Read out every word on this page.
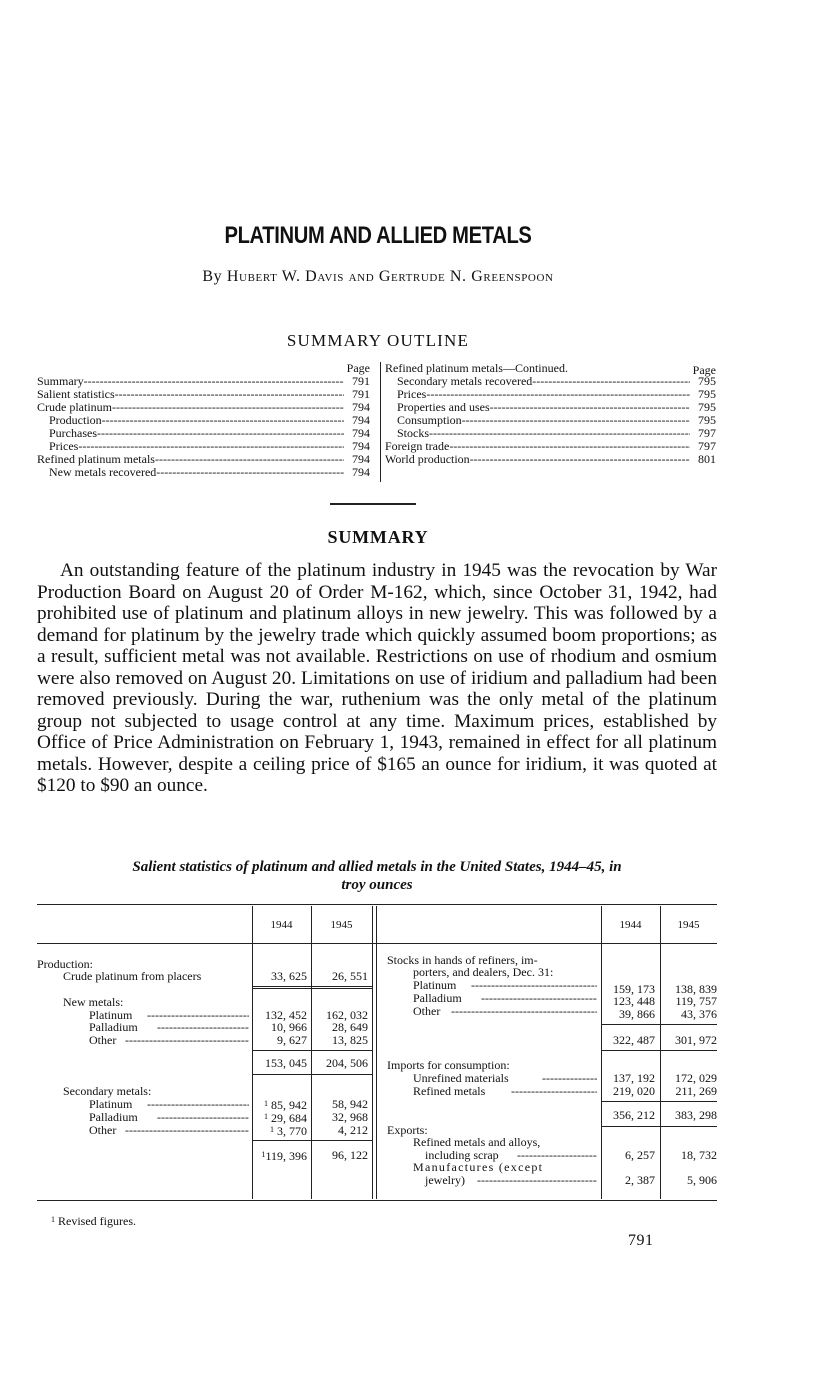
PLATINUM AND ALLIED METALS
By Hubert W. Davis and Gertrude N. Greenspoon
SUMMARY OUTLINE
Page
Summary - - -	791
Salient statistics - - -	791
Crude platinum - - -	794
Production - - -	794
Purchases - - -	794
Prices - - -	794
Refined platinum metals - - -	794
New metals recovered - - -	794
Page
Refined platinum metals—Continued.
Secondary metals recovered - - -	795
Prices - - -	795
Properties and uses - - -	795
Consumption - - -	795
Stocks - - -	797
Foreign trade - - -	797
World production - - -	801
SUMMARY
An outstanding feature of the platinum industry in 1945 was the revocation by War Production Board on August 20 of Order M-162, which, since October 31, 1942, had prohibited use of platinum and platinum alloys in new jewelry. This was followed by a demand for platinum by the jewelry trade which quickly assumed boom proportions; as a result, sufficient metal was not available. Restrictions on use of rhodium and osmium were also removed on August 20. Limitations on use of iridium and palladium had been removed previously. During the war, ruthenium was the only metal of the platinum group not subjected to usage control at any time. Maximum prices, established by Office of Price Administration on February 1, 1943, remained in effect for all platinum metals. However, despite a ceiling price of $165 an ounce for iridium, it was quoted at $120 to $90 an ounce.
Salient statistics of platinum and allied metals in the United States, 1944–45, in
troy ounces
1944	1945	1944	1945
Production:
Crude platinum from placers	33, 625	26, 551
New metals:
Platinum - - -	132, 452	162, 032
Palladium - - -	10, 966	28, 649
Other - - -	9, 627	13, 825
153, 045	204, 506
Secondary metals:
Platinum - - -	$^1$ 85, 942	58, 942
Palladium - - -	$^1$ 29, 684	32, 968
Other - - -	$^1$ 3, 770	4, 212
$^1$119, 396	96, 122
Stocks in hands of refiners, im-
porters, and dealers, Dec. 31:
Platinum - - -	159, 173	138, 839
Palladium - - -	123, 448	119, 757
Other - - -	39, 866	43, 376
322, 487	301, 972
Imports for consumption:
Unrefined materials - - -	137, 192	172, 029
Refined metals - - -	219, 020	211, 269
356, 212	383, 298
Exports:
Refined metals and alloys,
including scrap - - -	6, 257	18, 732
Manufactures (except
jewelry) - - -	2, 387	5, 906
$^1$ Revised figures.
791
